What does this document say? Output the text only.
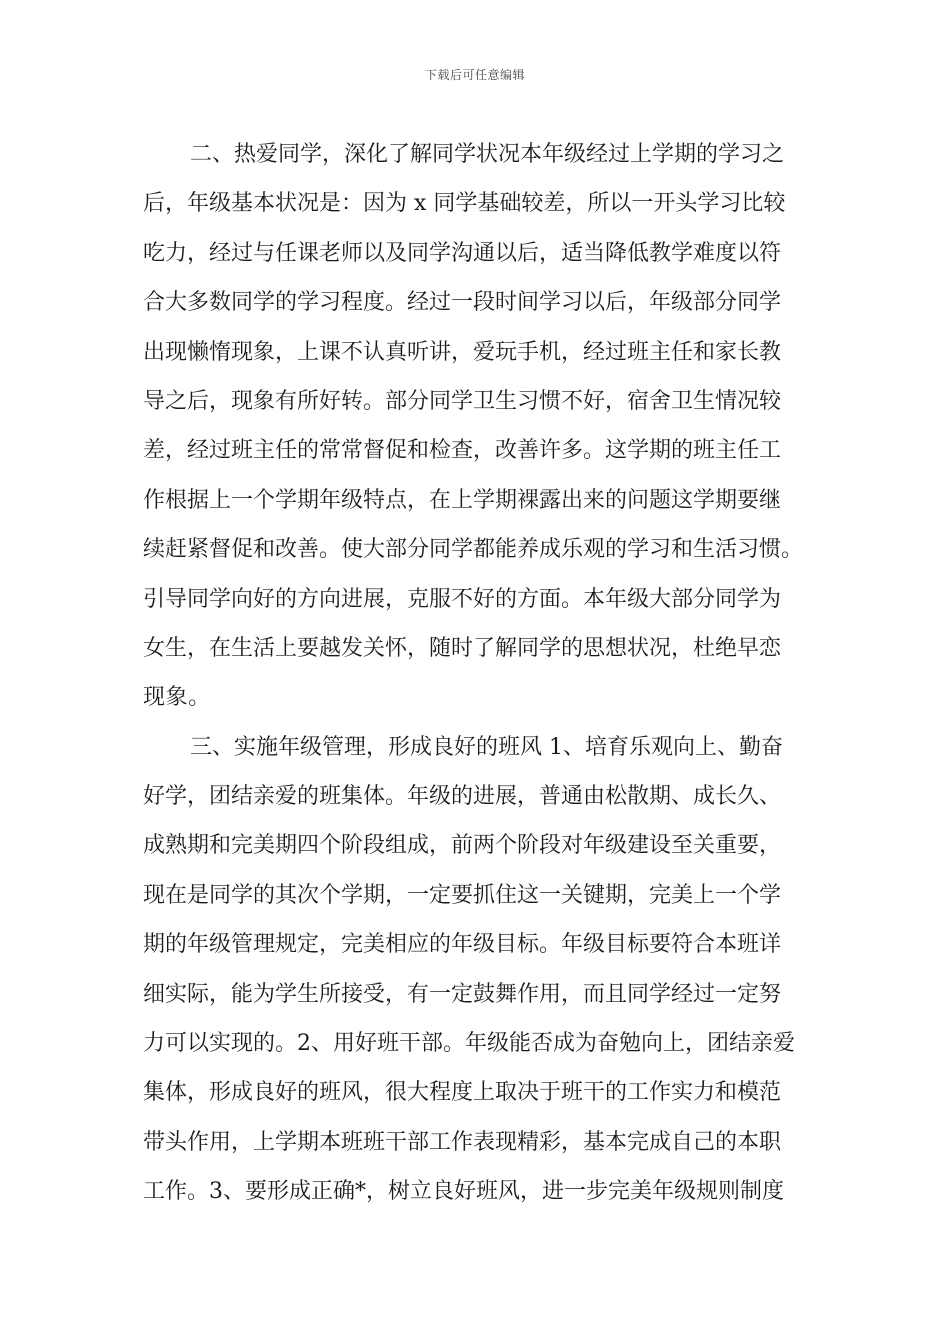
下载后可任意编辑
二、热爱同学，深化了解同学状况本年级经过上学期的学习之
后，年级基本状况是：因为 x 同学基础较差，所以一开头学习比较
吃力，经过与任课老师以及同学沟通以后，适当降低教学难度以符
合大多数同学的学习程度。经过一段时间学习以后，年级部分同学
出现懒惰现象，上课不认真听讲，爱玩手机，经过班主任和家长教
导之后，现象有所好转。部分同学卫生习惯不好，宿舍卫生情况较
差，经过班主任的常常督促和检查，改善许多。这学期的班主任工
作根据上一个学期年级特点，在上学期裸露出来的问题这学期要继
续赶紧督促和改善。使大部分同学都能养成乐观的学习和生活习惯。
引导同学向好的方向进展，克服不好的方面。本年级大部分同学为
女生，在生活上要越发关怀，随时了解同学的思想状况，杜绝早恋
现象。
三、实施年级管理，形成良好的班风 1、培育乐观向上、勤奋
好学，团结亲爱的班集体。年级的进展，普通由松散期、成长久、
成熟期和完美期四个阶段组成，前两个阶段对年级建设至关重要，
现在是同学的其次个学期，一定要抓住这一关键期，完美上一个学
期的年级管理规定，完美相应的年级目标。年级目标要符合本班详
细实际，能为学生所接受，有一定鼓舞作用，而且同学经过一定努
力可以实现的。2、用好班干部。年级能否成为奋勉向上，团结亲爱
集体，形成良好的班风，很大程度上取决于班干的工作实力和模范
带头作用，上学期本班班干部工作表现精彩，基本完成自己的本职
工作。3、要形成正确*，树立良好班风，进一步完美年级规则制度
